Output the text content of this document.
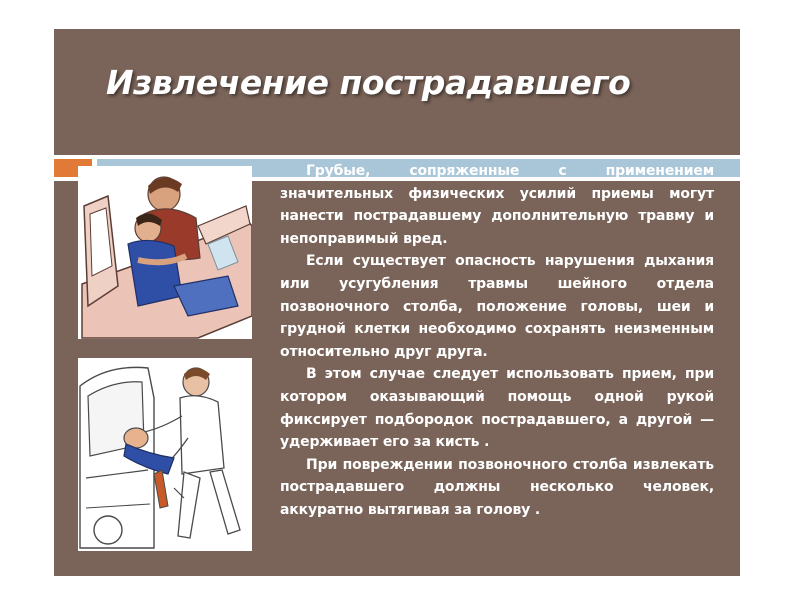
Извлечение пострадавшего

Грубые, сопряженные с применением значительных физических усилий приемы могут нанести пострадавшему дополнительную травму и непоправимый вред.

Если существует опасность нарушения дыхания или усугубления травмы шейного отдела позвоночного столба, положение головы, шеи и грудной клетки необходимо сохранять неизменным относительно друг друга.

В этом случае следует использовать прием, при котором оказывающий помощь одной рукой фиксирует подбородок пострадавшего, а другой — удерживает его за кисть .

При повреждении позвоночного столба извлекать пострадавшего должны несколько человек, аккуратно вытягивая за голову .
